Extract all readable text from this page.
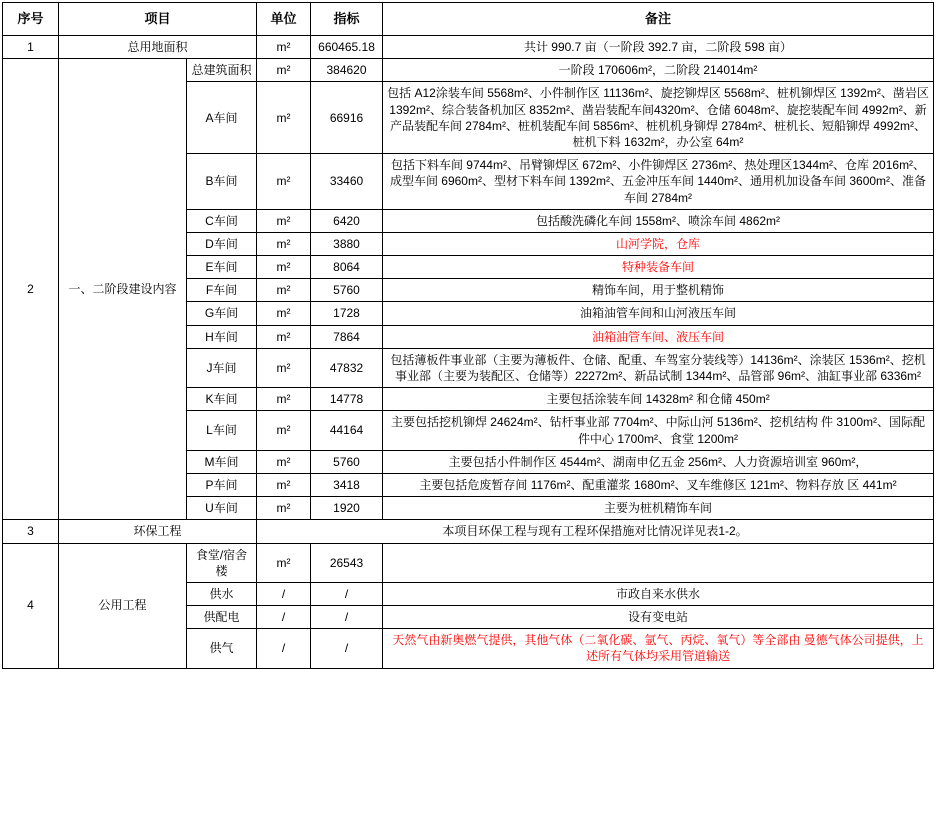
序号	项目		单位	指标	备注
1	总用地面积		m²	660465.18	共计 990.7 亩（一阶段 392.7 亩，二阶段 598 亩）
2	一、二阶段建设内容	总建筑面积	m²	384620	一阶段 170606m²，二阶段 214014m²
		A车间	m²	66916	包括 A12涂装车间 5568m²、小件制作区 11136m²、旋挖铆焊区 5568m²、桩机铆焊区 1392m²、凿岩区 1392m²、综合装备机加区 8352m²、凿岩装配车间4320m²、仓储 6048m²、旋挖装配车间 4992m²、新产品装配车间 2784m²、桩机装配车间 5856m²、桩机机身铆焊 2784m²、桩机长、短船铆焊 4992m²、桩机下料 1632m²，办公室 64m²
		B车间	m²	33460	包括下料车间 9744m²、吊臂铆焊区 672m²、小件铆焊区 2736m²、热处理区1344m²、仓库 2016m²、成型车间 6960m²、型材下料车间 1392m²、五金冲压车间 1440m²、通用机加设备车间 3600m²、准备车间 2784m²
		C车间	m²	6420	包括酸洗磷化车间 1558m²、喷涂车间 4862m²
		D车间	m²	3880	山河学院，仓库
		E车间	m²	8064	特种装备车间
		F车间	m²	5760	精饰车间，用于整机精饰
		G车间	m²	1728	油箱油管车间和山河液压车间
		H车间	m²	7864	油箱油管车间、液压车间
		J车间	m²	47832	包括薄板件事业部（主要为薄板件、仓储、配重、车驾室分装线等）14136m²、涂装区 1536m²、挖机事业部（主要为装配区、仓储等）22272m²、新品试制 1344m²、品管部 96m²、油缸事业部 6336m²
		K车间	m²	14778	主要包括涂装车间 14328m² 和仓储 450m²
		L车间	m²	44164	主要包括挖机铆焊 24624m²、钻杆事业部 7704m²、中际山河 5136m²、挖机结构 件 3100m²、国际配件中心 1700m²、食堂 1200m²
		M车间	m²	5760	主要包括小件制作区 4544m²、湖南申亿五金 256m²、人力资源培训室 960m²，
		P车间	m²	3418	主要包括危废暂存间 1176m²、配重灌浆 1680m²、叉车维修区 121m²、物料存放 区 441m²
		U车间	m²	1920	主要为桩机精饰车间
3	环保工程		本项目环保工程与现有工程环保措施对比情况详见表1-2。		
4	公用工程	食堂/宿舍楼	m²	26543	
		供水	/	/	市政自来水供水
		供配电	/	/	设有变电站
		供气	/	/	天然气由新奥燃气提供，其他气体（二氧化碳、氩气、丙烷、氧气）等全部由 曼德气体公司提供，上述所有气体均采用管道输送
